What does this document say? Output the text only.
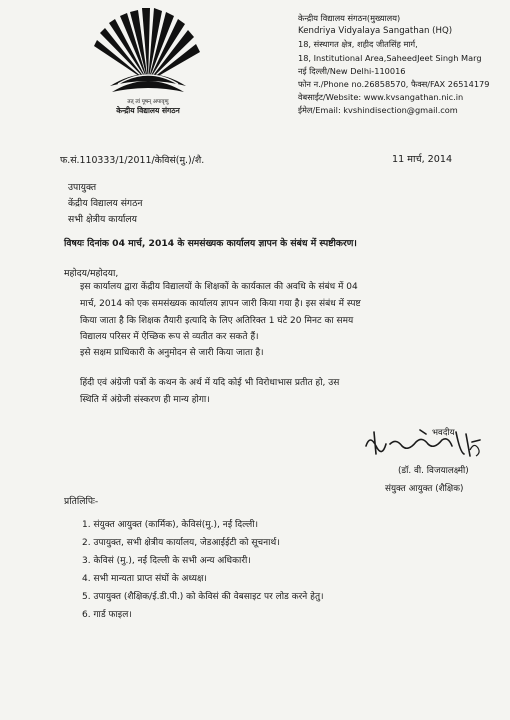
तत् त्वं पूषन् अपावृणु
केन्द्रीय विद्यालय संगठन
केन्द्रीय विद्यालय संगठन(मुख्यालय)
Kendriya Vidyalaya Sangathan (HQ)
18, संस्थागत क्षेत्र, शहीद जीतसिंह मार्ग,
18, Institutional Area,SaheedJeet Singh Marg
नई दिल्ली/New Delhi-110016
फोन न./Phone no.26858570, फैक्स/FAX 26514179
वेबसाईट/Website: www.kvsangathan.nic.in
ईमेल/Email: kvshindisection@gmail.com
फ.सं.110333/1/2011/केविसं(मु.)/शै.	11 मार्च, 2014
उपायुक्त
केंद्रीय विद्यालय संगठन
सभी क्षेत्रीय कार्यालय
विषयः दिनांक 04 मार्च, 2014 के समसंख्यक कार्यालय ज्ञापन के संबंध में स्पष्टीकरण।
महोदय/महोदया,
इस कार्यालय द्वारा केंद्रीय विद्यालयों के शिक्षकों के कार्यकाल की अवधि के संबंध में 04
मार्च, 2014 को एक समसंख्यक कार्यालय ज्ञापन जारी किया गया है। इस संबंध में स्पष्ट
किया जाता है कि शिक्षक तैयारी इत्यादि के लिए अतिरिक्त 1 घंटे 20 मिनट का समय
विद्यालय परिसर में ऐच्छिक रूप से व्यतीत कर सकते हैं।
इसे सक्षम प्राधिकारी के अनुमोदन से जारी किया जाता है।
हिंदी एवं अंग्रेजी पत्रों के कथन के अर्थ में यदि कोई भी विरोधाभास प्रतीत हो, उस
स्थिति में अंग्रेजी संस्करण ही मान्य होगा।
भवदीय
(डॉ. वी. विजयालक्ष्मी)
संयुक्त आयुक्त (शैक्षिक)
प्रतिलिपिः-
1. संयुक्त आयुक्त (कार्मिक), केविसं(मु.), नई दिल्ली।
2. उपायुक्त, सभी क्षेत्रीय कार्यालय, जेडआईईटी को सूचनार्थ।
3. केविसं (मु.), नई दिल्ली के सभी अन्य अधिकारी।
4. सभी मान्यता प्राप्त संघों के अध्यक्ष।
5. उपायुक्त (शैक्षिक/ई.डी.पी.) को केविसं की वेबसाइट पर लोड करने हेतु।
6. गार्ड फाइल।
